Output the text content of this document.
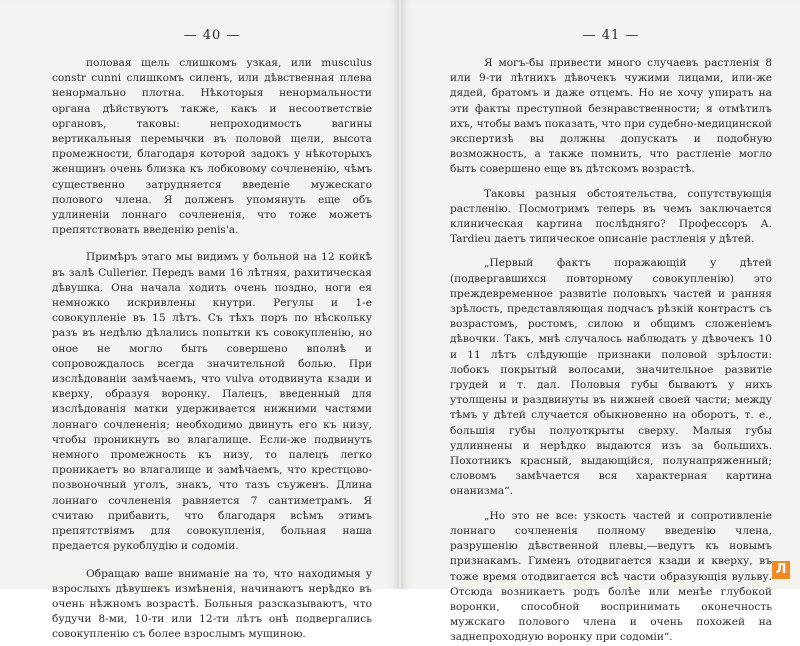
— 40 —

половая щель слишкомъ узкая, или musculus constr cunni слишкомъ силенъ, или дѣвственная плева ненормально плотна. Нѣкоторыя ненормальности органа дѣйствуютъ также, какъ и несоответствiе органовъ, таковы: непроходимость вагины вертикальныя перемычки въ половой щели, высота промежности, благодаря которой задокъ у нѣкоторыхъ женщинъ очень близка къ лобковому сочлененiю, чѣмъ существенно затрудняется введенiе мужескаго полового члена. Я долженъ упомянуть еще объ удлиненiи лоннаго сочлененiя, что тоже можетъ препятствовать введенiю penis'a.

Примѣръ этаго мы видимъ у больной на 12 койкѣ въ залѣ Cullerier. Передъ вами 16 лѣтняя, рахитическая дѣвушка. Она начала ходить очень поздно, ноги ея немножко искривлены кнутри. Регулы и 1-е совокупленiе въ 15 лѣтъ. Съ тѣхъ поръ по нѣскольку разъ въ недѣлю дѣлались попытки къ совокупленiю, но оное не могло быть совершено вполнѣ и сопровождалось всегда значительной болью. При изслѣдованiи замѣчаемъ, что vulva отодвинута кзади и кверху, образуя воронку. Палецъ, введенный для изслѣдованiя матки удерживается нижними частями лоннаго сочлененiя; необходимо двинуть его къ низу, чтобы проникнуть во влагалище. Если-же подвинуть немного промежность къ низу, то палецъ легко проникаетъ во влагалище и замѣчаемъ, что крестцово-позвоночный уголъ, знакъ, что тазъ съуженъ. Длина лоннаго сочлененiя равняется 7 сантиметрамъ. Я считаю прибавить, что благодаря всѣмъ этимъ препятствiямъ для совокупленiя, больная наша предается рукоблудiю и содомiи.

Обращаю ваше вниманiе на то, что находимыя у взрослыхъ дѣвушекъ измѣненiя, начинаютъ нерѣдко въ очень нѣжномъ возрастѣ. Больныя разсказываютъ, что будучи 8-ми, 10-ти или 12-ти лѣтъ онѣ подвергались совокупленiю съ более взрослымъ мущиною.

— 41 —

Я могъ-бы привести много случаевъ растленiя 8 или 9-ти лѣтнихъ дѣвочекъ чужими лицами, или-же дядей, братомъ и даже отцемъ. Но не хочу упирать на эти факты преступной безнравственности; я отмѣтилъ ихъ, чтобы вамъ показать, что при судебно-медицинской экспертизѣ вы должны допускать и подобную возможность, а также помнить, что растленiе могло быть совершено еще въ дѣтскомъ возрастѣ.

Таковы разныя обстоятельства, сопутствующiя растленiю. Посмотримъ теперь въ чемъ заключается клиническая картина послѣдняго? Профессоръ А. Tardieu даетъ типическое описанiе растленiя у дѣтей.

„Первый фактъ поражающiй у дѣтей (подвергавшихся повторному совокупленiю) это преждевременное развитiе половыхъ частей и ранняя зрѣлость, представляющая подчасъ рѣзкiй контрастъ съ возрастомъ, ростомъ, силою и общимъ сложенiемъ дѣвочки. Такъ, мнѣ случалось наблюдать у дѣвочекъ 10 и 11 лѣтъ слѣдующiе признаки половой зрѣлости: лобокъ покрытый волосами, значительное развитiе грудей и т. дал. Половыя губы бываютъ у нихъ утолщены и раздвинуты въ нижней своей части; между тѣмъ у дѣтей случается обыкновенно на оборотъ, т. е., большiя губы полуоткрыты сверху. Малыя губы удлиннены и нерѣдко выдаются изъ за большихъ. Похотникъ красный, выдающiйся, полунапряженный; словомъ замѣчается вся характерная картина онанизма“.

„Но это не все: узкость частей и сопротивленiе лоннаго сочлененiя полному введенiю члена, разрушенiю дѣвственной плевы,—ведутъ къ новымъ признакамъ. Гименъ отодвигается кзади и кверху, въ тоже время отодвигается всѣ части образующiя вульву. Отсюда возникаетъ родъ болѣе или менѣе глубокой воронки, способной воспринимать оконечность мужскаго полового члена и очень похожей на заднепроходную воронку при содомiи“.

Л
